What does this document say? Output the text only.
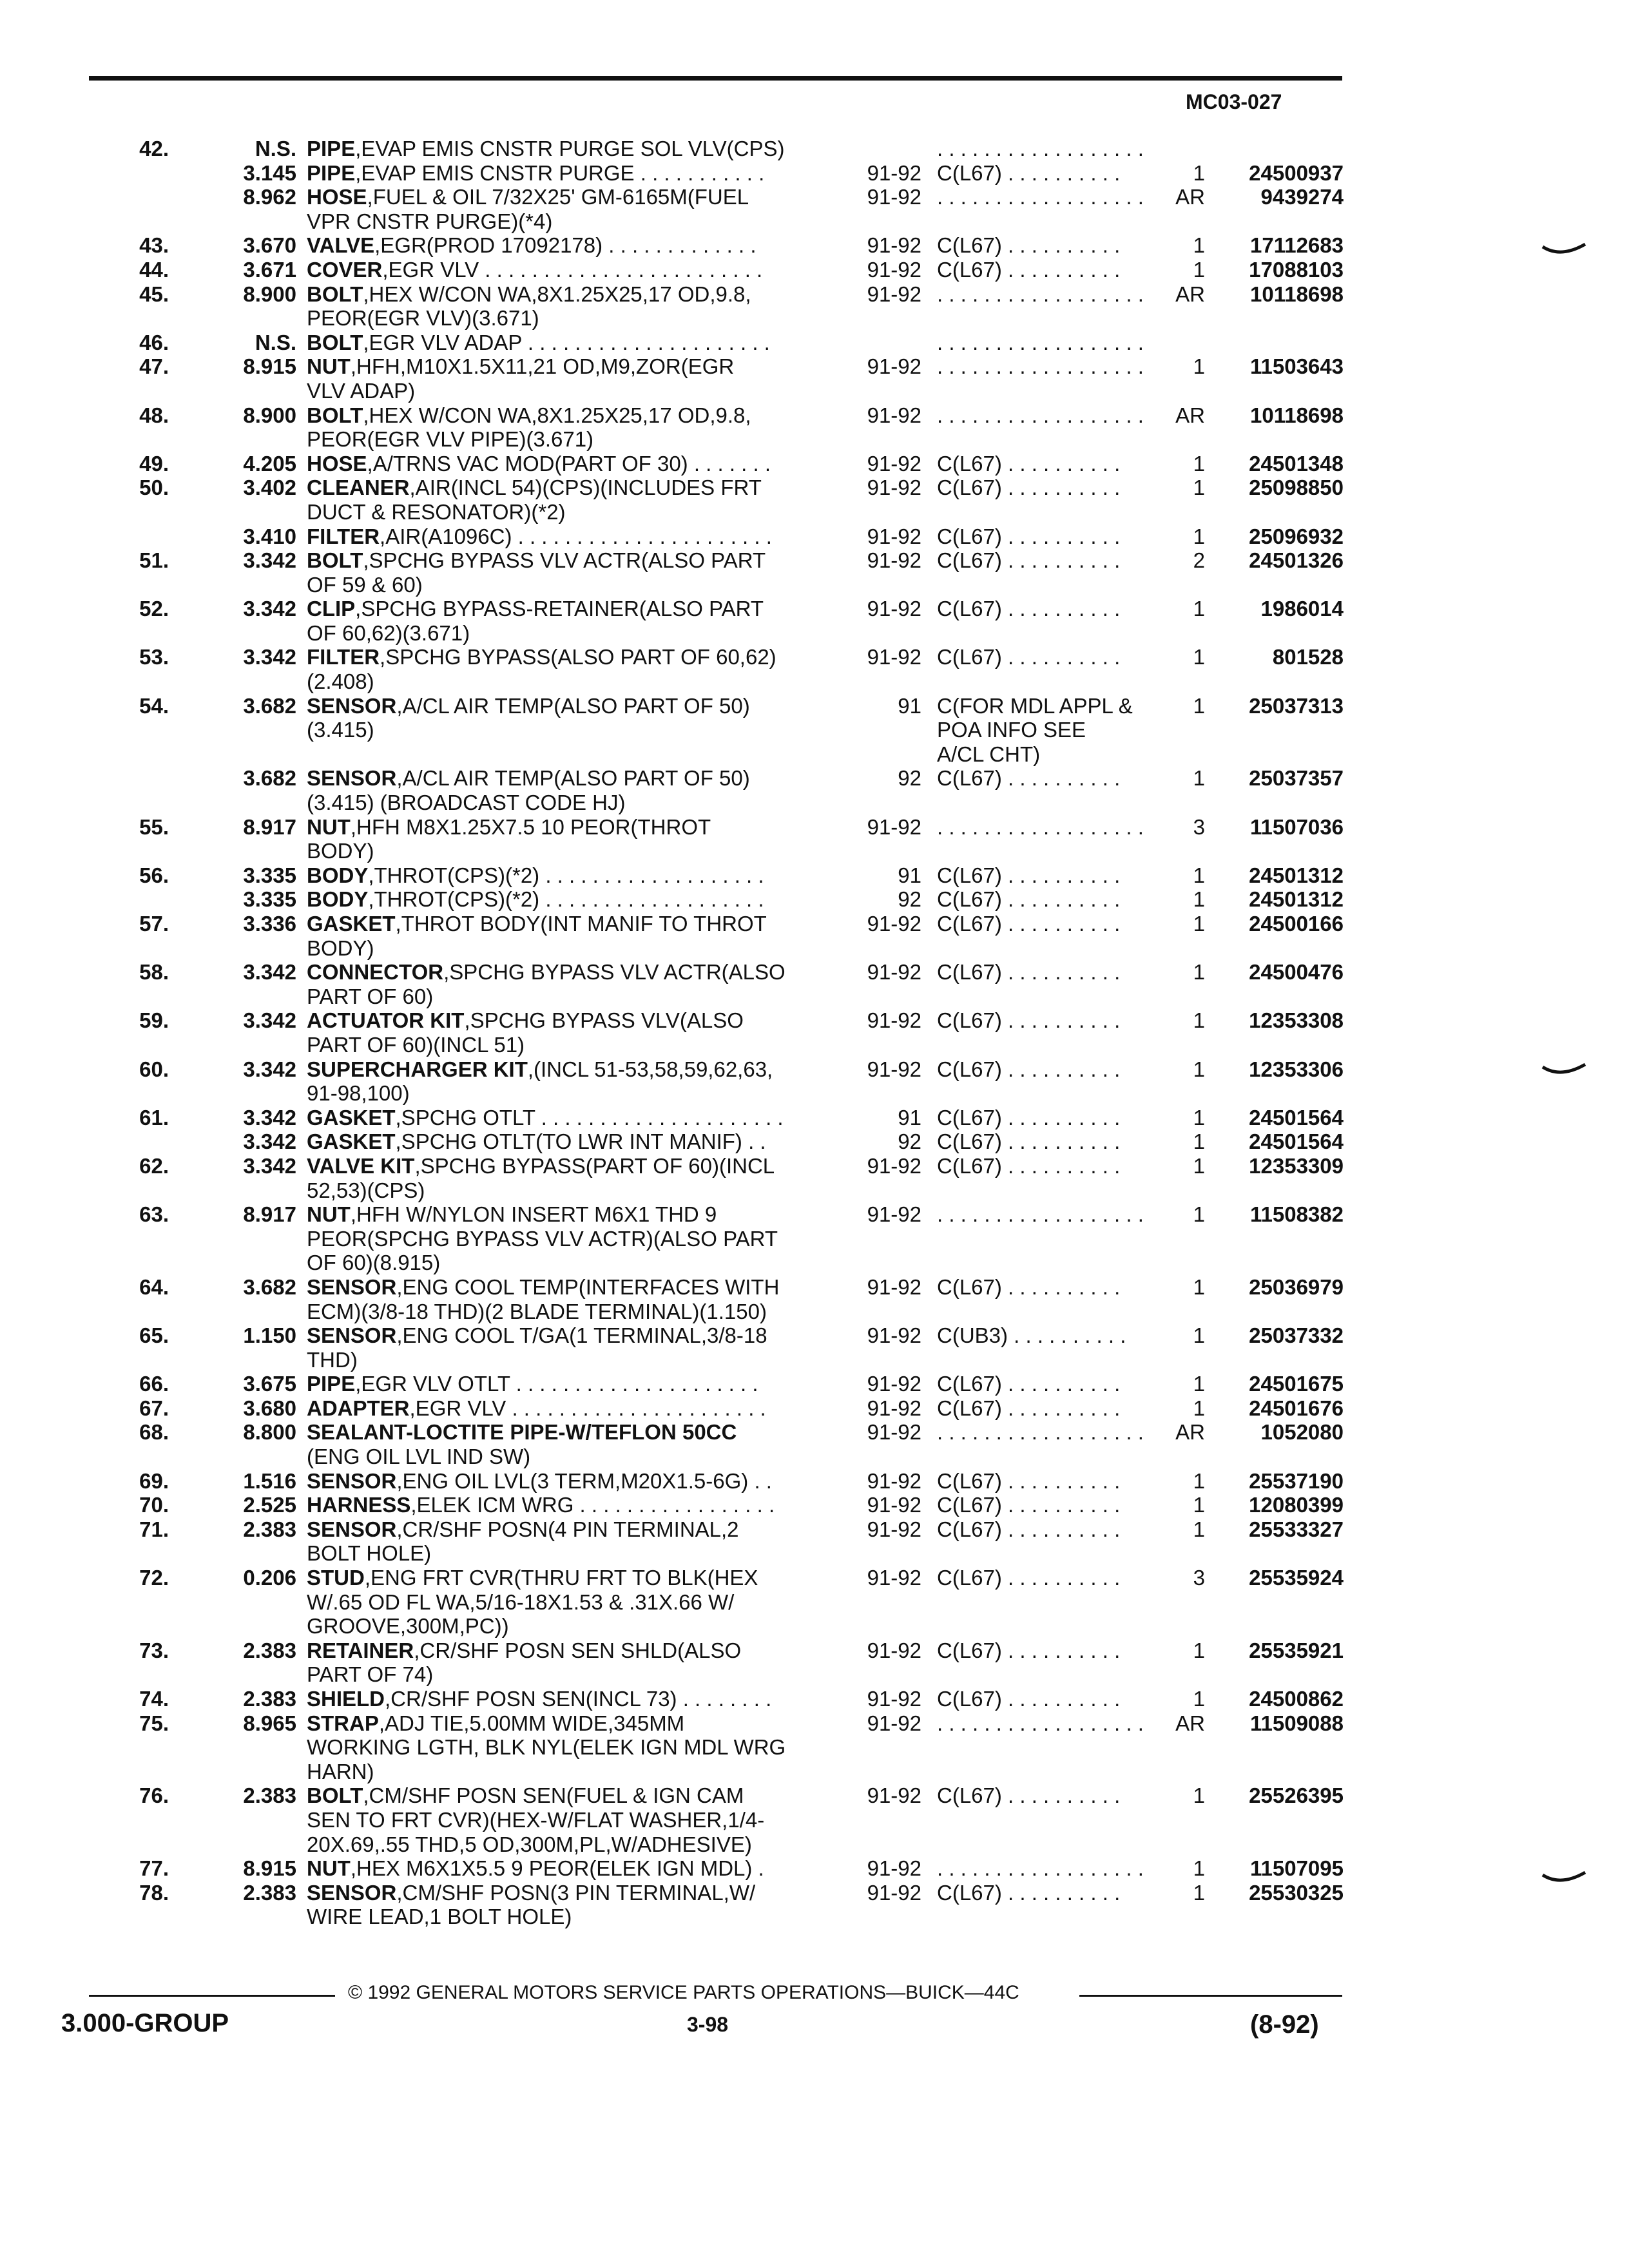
MC03-027
42.	N.S. PIPE,EVAP EMIS CNSTR PURGE SOL VLV(CPS)	. . . . . . . . . . . . . . . . . .
3.145 PIPE,EVAP EMIS CNSTR PURGE . . . . . . . . . . .	91-92 C(L67) . . . . . . . . . .	1	24500937
8.962 HOSE,FUEL & OIL 7/32X25' GM-6165M(FUEL	91-92 . . . . . . . . . . . . . . . . . .	AR	9439274
VPR CNSTR PURGE)(*4)
43.	3.670 VALVE,EGR(PROD 17092178) . . . . . . . . . . . . .	91-92 C(L67) . . . . . . . . . .	1	17112683
44.	3.671 COVER,EGR VLV . . . . . . . . . . . . . . . . . . . . . . . .	91-92 C(L67) . . . . . . . . . .	1	17088103
45.	8.900 BOLT,HEX W/CON WA,8X1.25X25,17 OD,9.8,	91-92 . . . . . . . . . . . . . . . . . .	AR	10118698
PEOR(EGR VLV)(3.671)
46.	N.S. BOLT,EGR VLV ADAP . . . . . . . . . . . . . . . . . . . . .	. . . . . . . . . . . . . . . . . .
47.	8.915 NUT,HFH,M10X1.5X11,21 OD,M9,ZOR(EGR	91-92 . . . . . . . . . . . . . . . . . .	1	11503643
VLV ADAP)
48.	8.900 BOLT,HEX W/CON WA,8X1.25X25,17 OD,9.8,	91-92 . . . . . . . . . . . . . . . . . .	AR	10118698
PEOR(EGR VLV PIPE)(3.671)
49.	4.205 HOSE,A/TRNS VAC MOD(PART OF 30) . . . . . . .	91-92 C(L67) . . . . . . . . . .	1	24501348
50.	3.402 CLEANER,AIR(INCL 54)(CPS)(INCLUDES FRT	91-92 C(L67) . . . . . . . . . .	1	25098850
DUCT & RESONATOR)(*2)
3.410 FILTER,AIR(A1096C) . . . . . . . . . . . . . . . . . . . . . .	91-92 C(L67) . . . . . . . . . .	1	25096932
51.	3.342 BOLT,SPCHG BYPASS VLV ACTR(ALSO PART	91-92 C(L67) . . . . . . . . . .	2	24501326
OF 59 & 60)
52.	3.342 CLIP,SPCHG BYPASS-RETAINER(ALSO PART	91-92 C(L67) . . . . . . . . . .	1	1986014
OF 60,62)(3.671)
53.	3.342 FILTER,SPCHG BYPASS(ALSO PART OF 60,62)	91-92 C(L67) . . . . . . . . . .	1	801528
(2.408)
54.	3.682 SENSOR,A/CL AIR TEMP(ALSO PART OF 50)	91 C(FOR MDL APPL &	1	25037313
(3.415)	POA INFO SEE
A/CL CHT)
3.682 SENSOR,A/CL AIR TEMP(ALSO PART OF 50)	92 C(L67) . . . . . . . . . .	1	25037357
(3.415) (BROADCAST CODE HJ)
55.	8.917 NUT,HFH M8X1.25X7.5 10 PEOR(THROT	91-92 . . . . . . . . . . . . . . . . . .	3	11507036
BODY)
56.	3.335 BODY,THROT(CPS)(*2) . . . . . . . . . . . . . . . . . . .	91 C(L67) . . . . . . . . . .	1	24501312
3.335 BODY,THROT(CPS)(*2) . . . . . . . . . . . . . . . . . . .	92 C(L67) . . . . . . . . . .	1	24501312
57.	3.336 GASKET,THROT BODY(INT MANIF TO THROT	91-92 C(L67) . . . . . . . . . .	1	24500166
BODY)
58.	3.342 CONNECTOR,SPCHG BYPASS VLV ACTR(ALSO	91-92 C(L67) . . . . . . . . . .	1	24500476
PART OF 60)
59.	3.342 ACTUATOR KIT,SPCHG BYPASS VLV(ALSO	91-92 C(L67) . . . . . . . . . .	1	12353308
PART OF 60)(INCL 51)
60.	3.342 SUPERCHARGER KIT,(INCL 51-53,58,59,62,63,	91-92 C(L67) . . . . . . . . . .	1	12353306
91-98,100)
61.	3.342 GASKET,SPCHG OTLT . . . . . . . . . . . . . . . . . . . . .	91 C(L67) . . . . . . . . . .	1	24501564
3.342 GASKET,SPCHG OTLT(TO LWR INT MANIF) . .	92 C(L67) . . . . . . . . . .	1	24501564
62.	3.342 VALVE KIT,SPCHG BYPASS(PART OF 60)(INCL	91-92 C(L67) . . . . . . . . . .	1	12353309
52,53)(CPS)
63.	8.917 NUT,HFH W/NYLON INSERT M6X1 THD 9	91-92 . . . . . . . . . . . . . . . . . .	1	11508382
PEOR(SPCHG BYPASS VLV ACTR)(ALSO PART
OF 60)(8.915)
64.	3.682 SENSOR,ENG COOL TEMP(INTERFACES WITH	91-92 C(L67) . . . . . . . . . .	1	25036979
ECM)(3/8-18 THD)(2 BLADE TERMINAL)(1.150)
65.	1.150 SENSOR,ENG COOL T/GA(1 TERMINAL,3/8-18	91-92 C(UB3) . . . . . . . . . .	1	25037332
THD)
66.	3.675 PIPE,EGR VLV OTLT . . . . . . . . . . . . . . . . . . . . .	91-92 C(L67) . . . . . . . . . .	1	24501675
67.	3.680 ADAPTER,EGR VLV . . . . . . . . . . . . . . . . . . . . . .	91-92 C(L67) . . . . . . . . . .	1	24501676
68.	8.800 SEALANT-LOCTITE PIPE-W/TEFLON 50CC	91-92 . . . . . . . . . . . . . . . . . .	AR	1052080
(ENG OIL LVL IND SW)
69.	1.516 SENSOR,ENG OIL LVL(3 TERM,M20X1.5-6G) . .	91-92 C(L67) . . . . . . . . . .	1	25537190
70.	2.525 HARNESS,ELEK ICM WRG . . . . . . . . . . . . . . . . .	91-92 C(L67) . . . . . . . . . .	1	12080399
71.	2.383 SENSOR,CR/SHF POSN(4 PIN TERMINAL,2	91-92 C(L67) . . . . . . . . . .	1	25533327
BOLT HOLE)
72.	0.206 STUD,ENG FRT CVR(THRU FRT TO BLK(HEX	91-92 C(L67) . . . . . . . . . .	3	25535924
W/.65 OD FL WA,5/16-18X1.53 & .31X.66 W/
GROOVE,300M,PC))
73.	2.383 RETAINER,CR/SHF POSN SEN SHLD(ALSO	91-92 C(L67) . . . . . . . . . .	1	25535921
PART OF 74)
74.	2.383 SHIELD,CR/SHF POSN SEN(INCL 73) . . . . . . . .	91-92 C(L67) . . . . . . . . . .	1	24500862
75.	8.965 STRAP,ADJ TIE,5.00MM WIDE,345MM	91-92 . . . . . . . . . . . . . . . . . .	AR	11509088
WORKING LGTH, BLK NYL(ELEK IGN MDL WRG
HARN)
76.	2.383 BOLT,CM/SHF POSN SEN(FUEL & IGN CAM	91-92 C(L67) . . . . . . . . . .	1	25526395
SEN TO FRT CVR)(HEX-W/FLAT WASHER,1/4-
20X.69,.55 THD,5 OD,300M,PL,W/ADHESIVE)
77.	8.915 NUT,HEX M6X1X5.5 9 PEOR(ELEK IGN MDL) .	91-92 . . . . . . . . . . . . . . . . . .	1	11507095
78.	2.383 SENSOR,CM/SHF POSN(3 PIN TERMINAL,W/	91-92 C(L67) . . . . . . . . . .	1	25530325
WIRE LEAD,1 BOLT HOLE)
© 1992 GENERAL MOTORS SERVICE PARTS OPERATIONS—BUICK—44C
3.000-GROUP	3-98	(8-92)
